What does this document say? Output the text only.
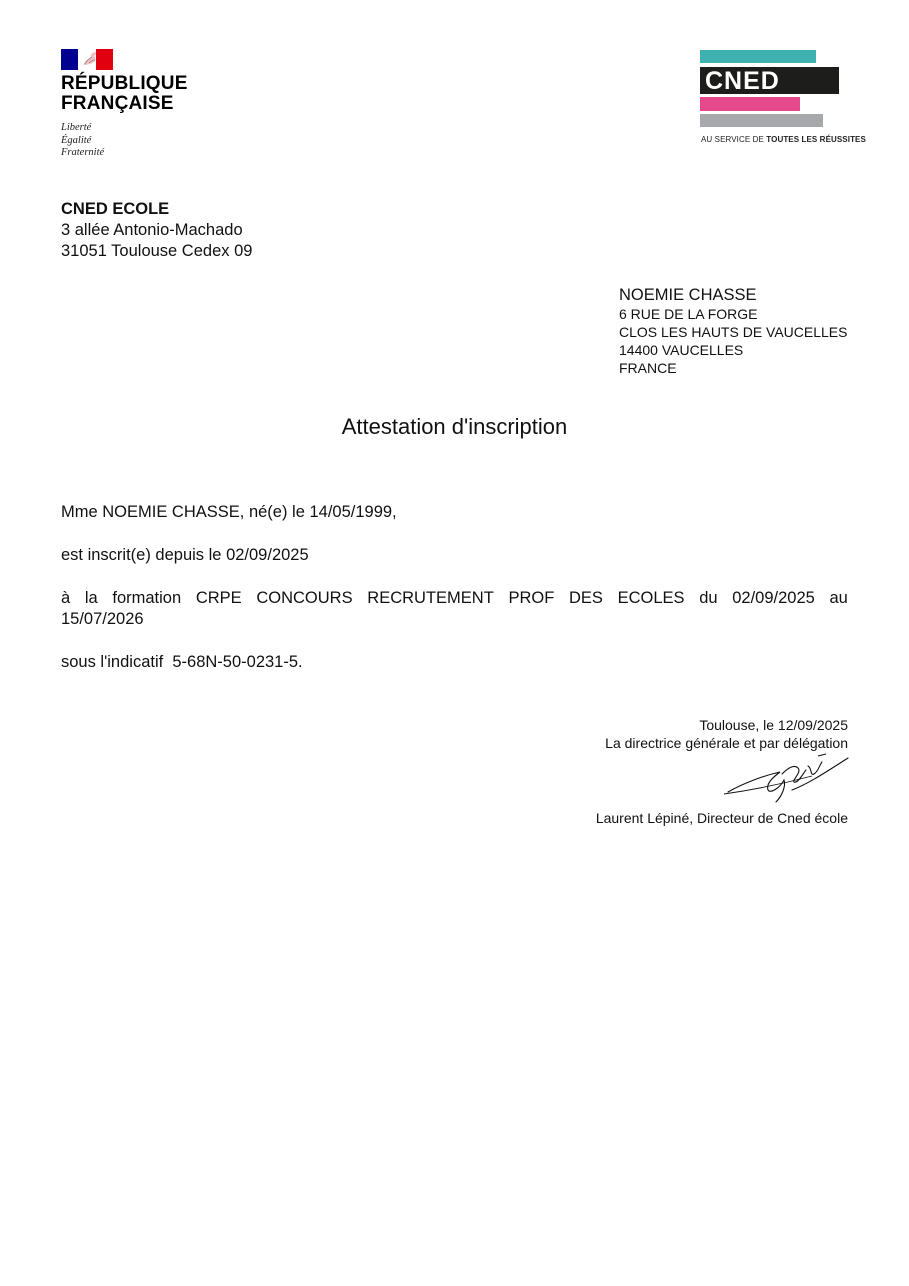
RÉPUBLIQUE
FRANÇAISE
Liberté
Égalité
Fraternité
CNED
AU SERVICE DE TOUTES LES RÉUSSITES
CNED ECOLE
3 allée Antonio-Machado
31051 Toulouse Cedex 09
NOEMIE CHASSE
6 RUE DE LA FORGE
CLOS LES HAUTS DE VAUCELLES
14400 VAUCELLES
FRANCE
Attestation d'inscription
Mme NOEMIE CHASSE, né(e) le 14/05/1999,
est inscrit(e) depuis le 02/09/2025
à la formation CRPE CONCOURS RECRUTEMENT PROF DES ECOLES du 02/09/2025 au
15/07/2026
sous l'indicatif  5-68N-50-0231-5.
Toulouse, le 12/09/2025
La directrice générale et par délégation
Laurent Lépiné, Directeur de Cned école
